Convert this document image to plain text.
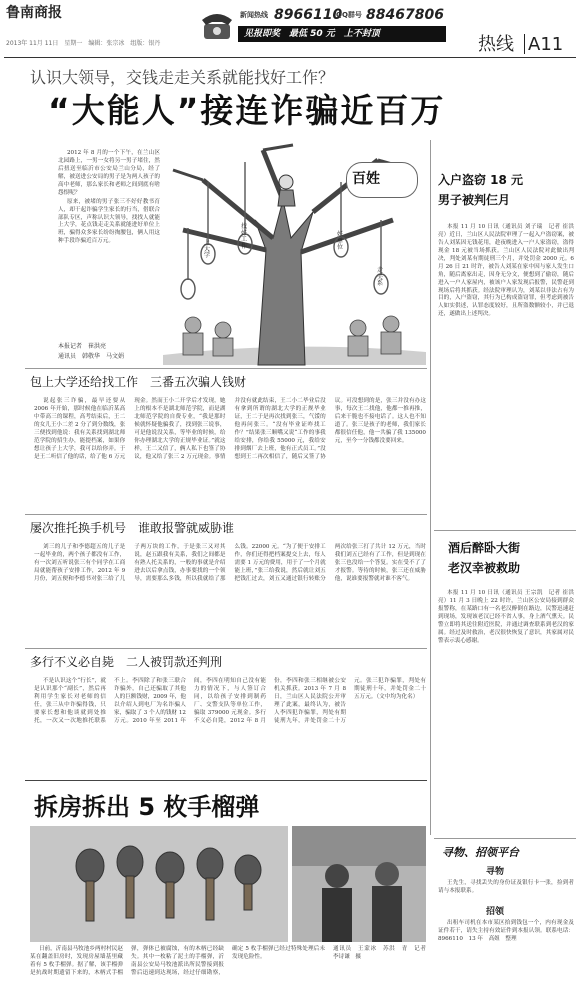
鲁南商报
2013年 11月 11日　星期一　编辑：张宗冰　组版：银丹
新闻热线 8966110
QQ群号 88467806
见报即奖　最低 50 元　上不封顶	热线 A11
认识大领导，交钱走走关系就能找好工作？
“大能人”接连诈骗近百万

2012 年 8 月的一个下午，在兰山区北园路上，一男一女将另一男子堵住，然后扭送至临沂市公安局兰山分局，经了解，被送进公安局的男子是为两人孩子的高中老师，那么家长和老师之间到底有啥怨恨呢？

原来，被堵的男子张三不好好教书育人，却干起诈骗学生家长的行当，借联合部队专区，声称认识大领导，找找人就能上大学，花点钱走走关系就能进好单位上班，骗得众多家长纷纷掏腰包，俩人用这种手段诈骗近百万元。

本报记者　崔洪亮
通讯员　韩敬华　马文娟
上大学
找好工作
好单位
走关系
百姓
包上大学还给找工作　三番五次骗人钱财

说起张三诈骗，最早还要从 2006 年开始，那时候他在临沂某高中带高三的课程，高考结束后，王二的女儿王小二差 2 分了到分数线，张三便找到他说：我有关系找到湖北师范学院的招生办，能提档案，如果你想让孩子上大学，我可以给你弄。于是王二听信了他的话，给了他 6 万元现金。然而王小二开学后才发现，她上的根本不是湖北师范学院，而是湖北师范学院的自费专业，“我是那时候就怀疑他骗我了，找到张三说事，可是他说没关系，等毕业的时候，给你办理湖北大学的正规毕业证。”就这样，王二又信了，俩人私下也签了协议，他又给了张三 2 万元现金。事情并没有就此结束，王二小二毕业后没有拿到所谓的湖北大学的正规毕业证，王二于是再次找到张三，气馁的他再问张三。“没有毕业证咋找工作？”结果张三顺嘴又说“工作的事我给安排，你给我 55000 元，我给安排到烟厂去上班，他有正式员工。”没想到王二再次相信了，随后又签了协议。可没想到的是，张三并没有办这事，每次王二找他，他都一推再推，后来干脆也不接电话了。这人也不知道了。张三是孩子的老师，我们家长都很信任他，他一共骗了我 135000 元，至今一分钱都没要回来。

屡次推托换手机号　谁敢报警就威胁谁

刘三的儿子和李德超五的儿子是一起毕业的，两个孩子都没有工作，有一次刘五听说张三有个同学在工商局就能帮孩子安排工作，2012 年 9 月份，刘五便和李德书对张三给了儿子两万块的工作，于是张三又对其说，赵五跟我有关系，我们之间都是有熟人托关系的，一般的事就是介绍进去以后拿点钱，办事要找的一个领导，需要那么多钱，所以我就给了那么钱。22000 元。“为了便于安排工作，你们还得把档案提交上去，每人需要 1 万元的费用，用于了一个月就能上班，”张三给我说，然后就让刘五把钱汇过去，刘五又通过银行转账分两次给张三打了共计 12 万元，当时我们刘五已经有了工作，但是到现在张三也没给一个答复。实在受不了了才报警。等待的时候，张三还在威胁他，说谁要报警就对谁不客气。

多行不义必自毙　二人被罚款还判刑

不是认识这个“行长”，就是认识那个“副长”，然后再利用学生家长对老师的信任，张三从中诈骗得钱，只要家长想和他谈就到处推托，一次又一次地推托联系不上。李四除了和张三联合诈骗外，自己还骗取了其他人的巨额钱财，2009 年，他以介绍人到电厂为名诈骗人家，骗取了 3 个人的钱财 12 万元。2010 年至 2011 年间，李四在明知自己没有能力的情况下，与人签订合同，以给孩子安排到制药厂、交警支队等单位工作，骗取 379000 元现金。多行不义必自毙，2012 年 8 月份，李四和张三相继被公安机关抓获。2013 年 7 月 8 日，兰山区人民法院公开审理了此案，最终认为，被告人李四犯诈骗罪，判处有期徒刑九年，并处罚金二十万元。张三犯诈骗罪，判处有期徒刑十年，并处罚金二十五万元。（文中均为化名）

拆房拆出 5 枚手榴弹

日前，沂南县马牧池乡两村村民赵某在翻盖旧房时，发现房屋墙基里藏着有 5 枚手榴弹。据了解，该手榴弹是抗战时期遗留下来的，木柄式手榴弹，弹体已被腐蚀，有的木柄已经缺失。其中一枚粘了泥土的手榴弹，沂南县公安局马牧池派出所民警接到报警后迅速到达现场，经过仔细勘察，确定 5 枚手榴弹已经过特殊处理后未发现危险性。

通讯员　王蒙冰　苏洪　青　记者　李诗谦　摄

入户盗窃 18 元
男子被判仨月

本报 11 月 10 日讯（通讯员 刘子瑞　记者 崔洪亮）近日，兰山区人民法院审理了一起入户盗窃案，被告人刘某因无钱花用，趁夜晚进入一户人家盗窃，盗得现金 18 元被当场抓获。兰山区人民法院对此做出判决，判处刘某有期徒刑三个月，并处罚金 2000 元。6 月 26 日 21 时许，被告人刘某在家中因与家人发生口角，随后离家出走，因身无分文，便想到了偷窃，随后进入一户人家屋内，被该户人家发现后报警，民警赶到现场后将其抓获。经法院审理认为，刘某以非法占有为目的，入户盗窃，其行为已构成盗窃罪，但考虑到被告人如实供述，认罪态度较好，且所盗数额较小，并已退还，遂做出上述判决。

酒后醉卧大街
老汉幸被救助

本报 11 月 10 日讯（通讯员 王宗凯　记者 崔洪亮）11 月 3 日晚上 22 时许，兰山区公安局接到群众报警称，在某路口有一名老汉醉倒在路边，民警迅速赶到现场，发现该老汉已经不省人事，身上酒气熏天。民警立即将其送往附近医院，并通过调查联系到老汉的家属。经过及时救治，老汉很快恢复了意识，其家属对民警表示衷心感谢。

寻物、招领平台
寻物

王先生，寻找丢失的身份证及银行卡一张，捡到者请与本报联系。

招领

出租车司机在本市某区拾到钱包一个，内有现金及证件若干，请失主持有效证件到本报认领。联系电话：8966110　13 年　高姐　整理
